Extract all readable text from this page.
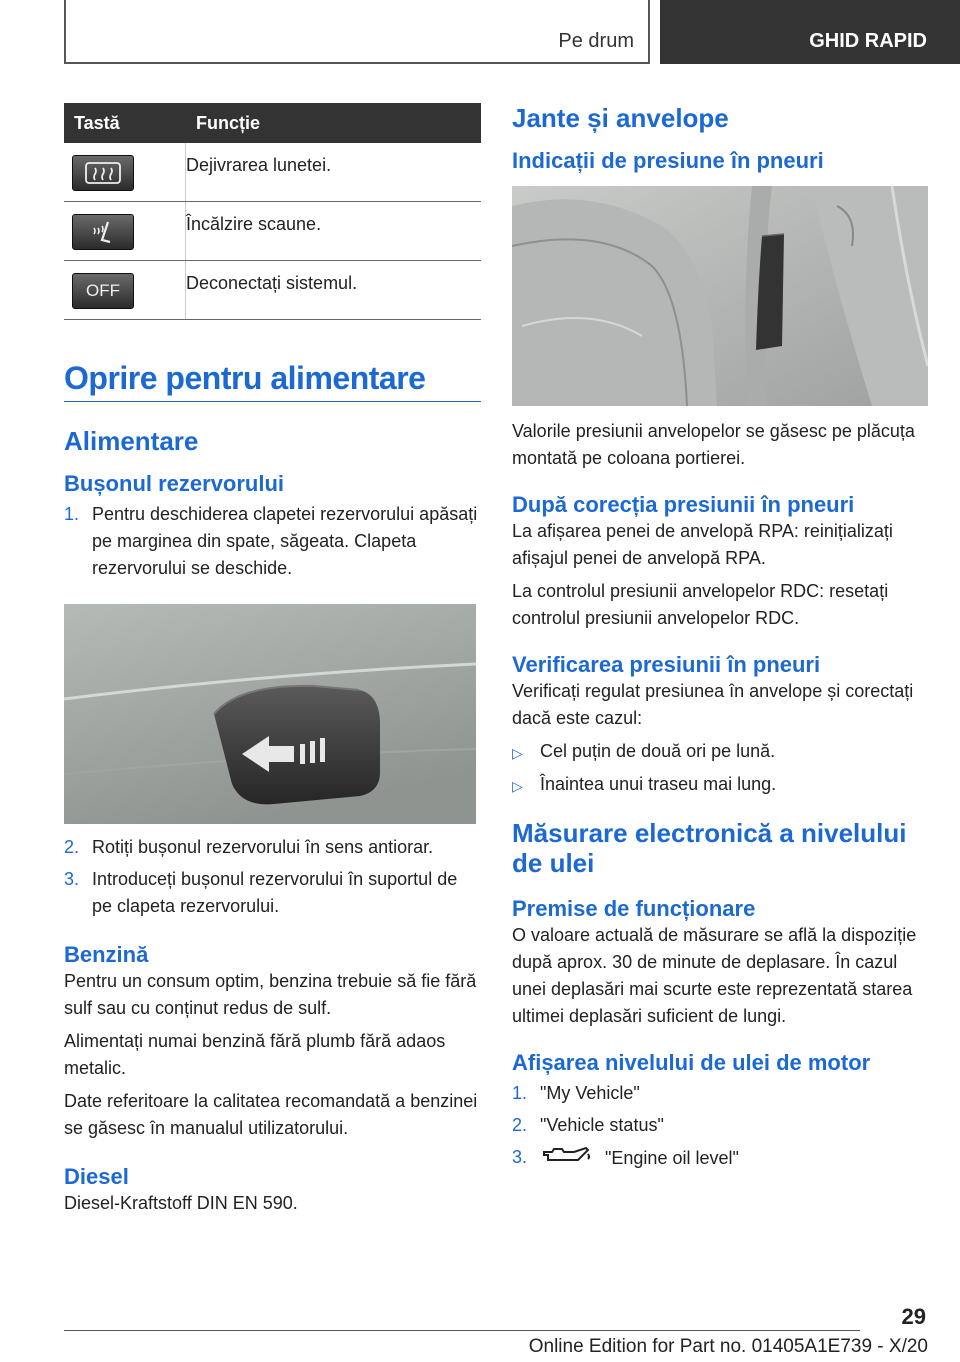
Pe drum	GHID RAPID
Tastă	Funcție
Dejivrarea lunetei.
Încălzire scaune.
OFF	Deconectați sistemul.
Oprire pentru alimentare
Alimentare
Bușonul rezervorului
1. Pentru deschiderea clapetei rezervorului apăsați pe marginea din spate, săgeata. Clapeta rezervorului se deschide.
2. Rotiți bușonul rezervorului în sens antiorar.
3. Introduceți bușonul rezervorului în suportul de pe clapeta rezervorului.
Benzină

Pentru un consum optim, benzina trebuie să fie fără sulf sau cu conținut redus de sulf.

Alimentați numai benzină fără plumb fără adaos metalic.

Date referitoare la calitatea recomandată a benzinei se găsesc în manualul utilizatorului.

Diesel

Diesel-Kraftstoff DIN EN 590.

Jante și anvelope
Indicații de presiune în pneuri

Valorile presiunii anvelopelor se găsesc pe plăcuța montată pe coloana portierei.

După corecția presiunii în pneuri

La afișarea penei de anvelopă RPA: reinițializați afișajul penei de anvelopă RPA.

La controlul presiunii anvelopelor RDC: resetați controlul presiunii anvelopelor RDC.

Verificarea presiunii în pneuri

Verificați regulat presiunea în anvelope și corectați dacă este cazul:

▷ Cel puțin de două ori pe lună.
▷ Înaintea unui traseu mai lung.
Măsurare electronică a nivelului de ulei
Premise de funcționare

O valoare actuală de măsurare se află la dispoziție după aprox. 30 de minute de deplasare. În cazul unei deplasări mai scurte este reprezentată starea ultimei deplasări suficient de lungi.

Afișarea nivelului de ulei de motor
1. "My Vehicle"
2. "Vehicle status"
3.	"Engine oil level"
29
Online Edition for Part no. 01405A1E739 - X/20
